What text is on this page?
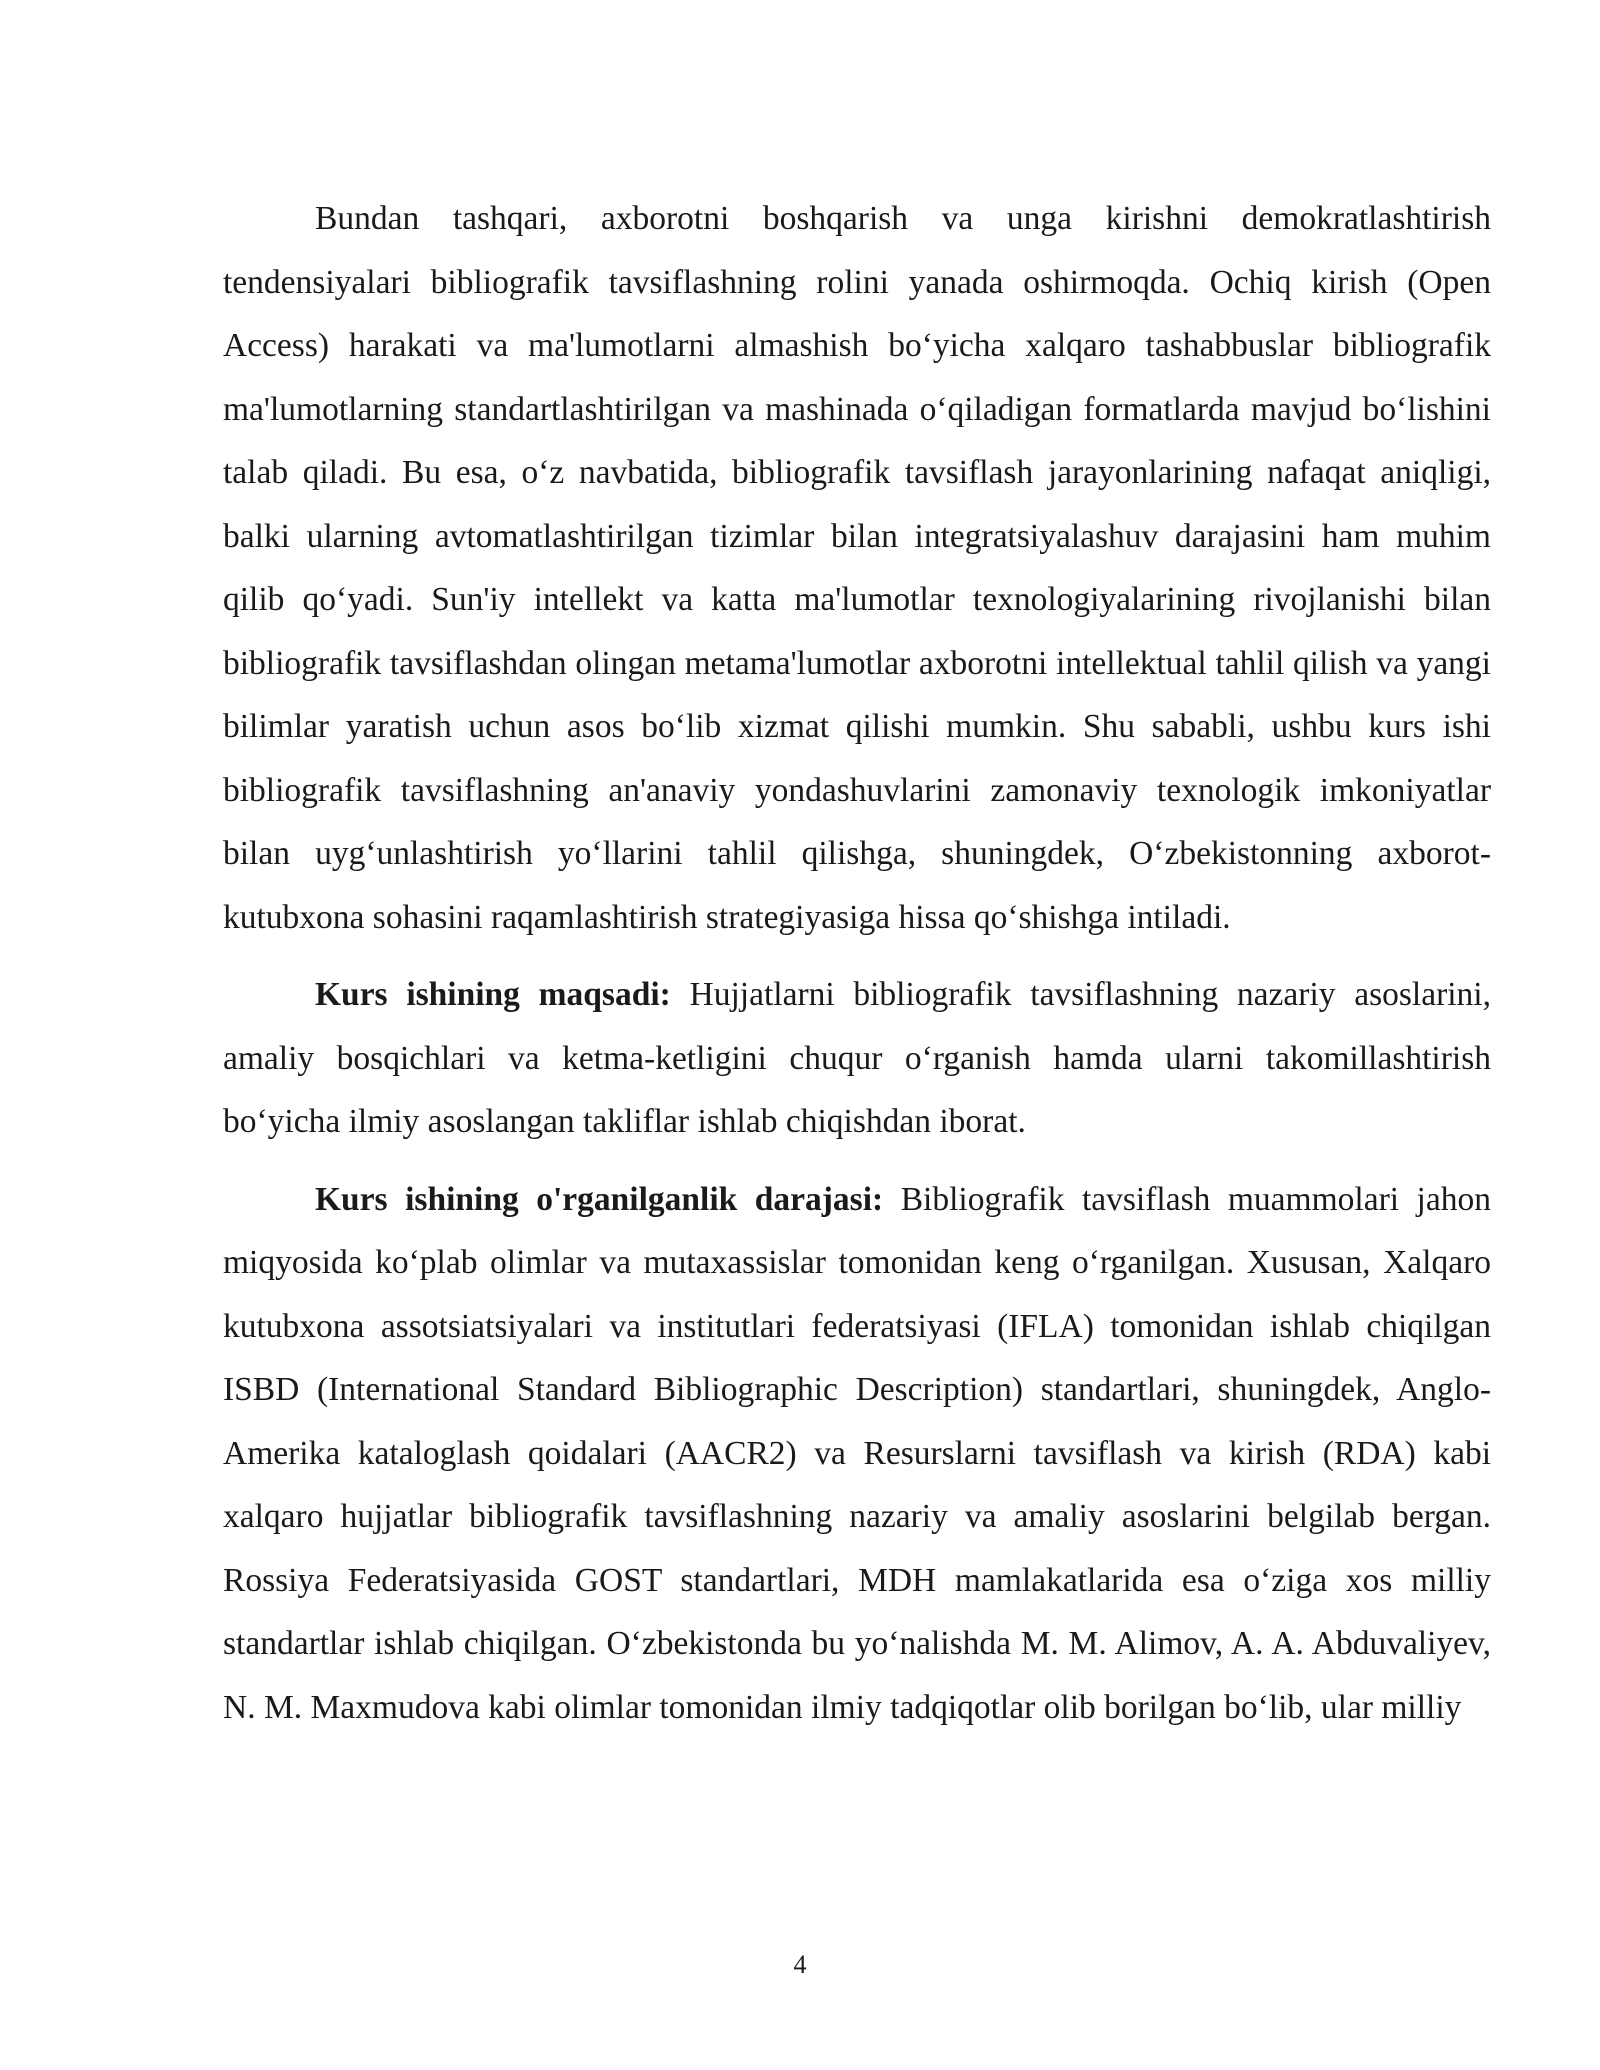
Bundan tashqari, axborotni boshqarish va unga kirishni demokratlashtirish tendensiyalari bibliografik tavsiflashning rolini yanada oshirmoqda. Ochiq kirish (Open Access) harakati va ma'lumotlarni almashish bo‘yicha xalqaro tashabbuslar bibliografik ma'lumotlarning standartlashtirilgan va mashinada o‘qiladigan formatlarda mavjud bo‘lishini talab qiladi. Bu esa, o‘z navbatida, bibliografik tavsiflash jarayonlarining nafaqat aniqligi, balki ularning avtomatlashtirilgan tizimlar bilan integratsiyalashuv darajasini ham muhim qilib qo‘yadi. Sun'iy intellekt va katta ma'lumotlar texnologiyalarining rivojlanishi bilan bibliografik tavsiflashdan olingan metama'lumotlar axborotni intellektual tahlil qilish va yangi bilimlar yaratish uchun asos bo‘lib xizmat qilishi mumkin. Shu sababli, ushbu kurs ishi bibliografik tavsiflashning an'anaviy yondashuvlarini zamonaviy texnologik imkoniyatlar bilan uyg‘unlashtirish yo‘llarini tahlil qilishga, shuningdek, O‘zbekistonning axborot-kutubxona sohasini raqamlashtirish strategiyasiga hissa qo‘shishga intiladi.

Kurs ishining maqsadi: Hujjatlarni bibliografik tavsiflashning nazariy asoslarini, amaliy bosqichlari va ketma-ketligini chuqur o‘rganish hamda ularni takomillashtirish bo‘yicha ilmiy asoslangan takliflar ishlab chiqishdan iborat.

Kurs ishining o'rganilganlik darajasi: Bibliografik tavsiflash muammolari jahon miqyosida ko‘plab olimlar va mutaxassislar tomonidan keng o‘rganilgan. Xususan, Xalqaro kutubxona assotsiatsiyalari va institutlari federatsiyasi (IFLA) tomonidan ishlab chiqilgan ISBD (International Standard Bibliographic Description) standartlari, shuningdek, Anglo-Amerika kataloglash qoidalari (AACR2) va Resurslarni tavsiflash va kirish (RDA) kabi xalqaro hujjatlar bibliografik tavsiflashning nazariy va amaliy asoslarini belgilab bergan. Rossiya Federatsiyasida GOST standartlari, MDH mamlakatlarida esa o‘ziga xos milliy standartlar ishlab chiqilgan. O‘zbekistonda bu yo‘nalishda M. M. Alimov, A. A. Abduvaliyev, N. M. Maxmudova kabi olimlar tomonidan ilmiy tadqiqotlar olib borilgan bo‘lib, ular milliy

4
